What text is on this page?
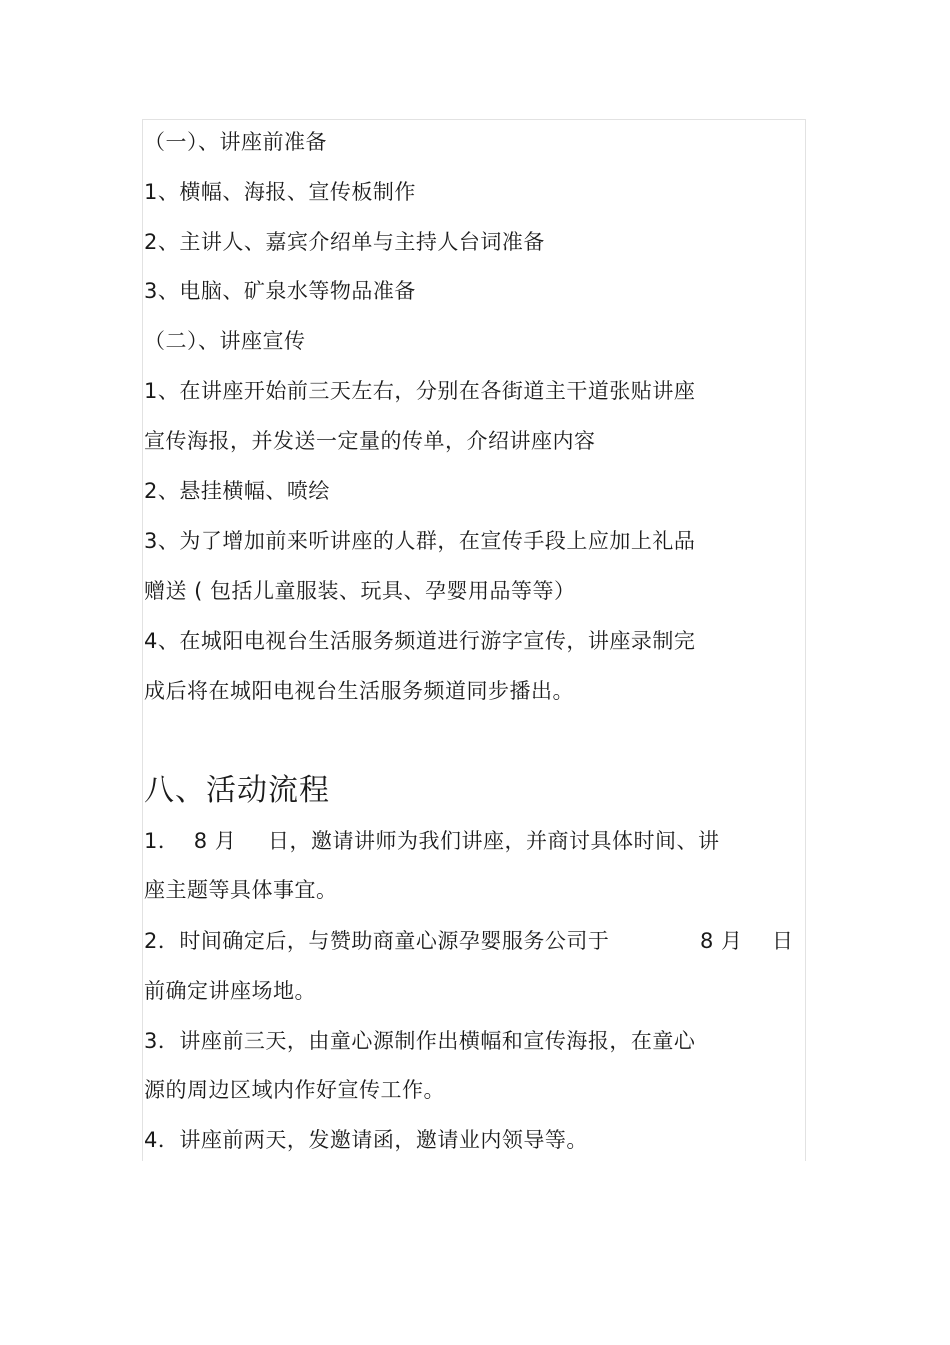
（一）、讲座前准备
1、横幅、海报、宣传板制作
2、主讲人、嘉宾介绍单与主持人台词准备
3、电脑、矿泉水等物品准备
（二）、讲座宣传
1、在讲座开始前三天左右，分别在各街道主干道张贴讲座
宣传海报，并发送一定量的传单，介绍讲座内容
2、悬挂横幅、喷绘
3、为了增加前来听讲座的人群，在宣传手段上应加上礼品
赠送 ( 包括儿童服装、玩具、孕婴用品等等）
4、在城阳电视台生活服务频道进行游字宣传，讲座录制完
成后将在城阳电视台生活服务频道同步播出。
八、活动流程
1．  8 月 日，邀请讲师为我们讲座，并商讨具体时间、讲
座主题等具体事宜。
2．时间确定后，与赞助商童心源孕婴服务公司于	8 月 日
前确定讲座场地。
3．讲座前三天，由童心源制作出横幅和宣传海报，在童心
源的周边区域内作好宣传工作。
4．讲座前两天，发邀请函，邀请业内领导等。
